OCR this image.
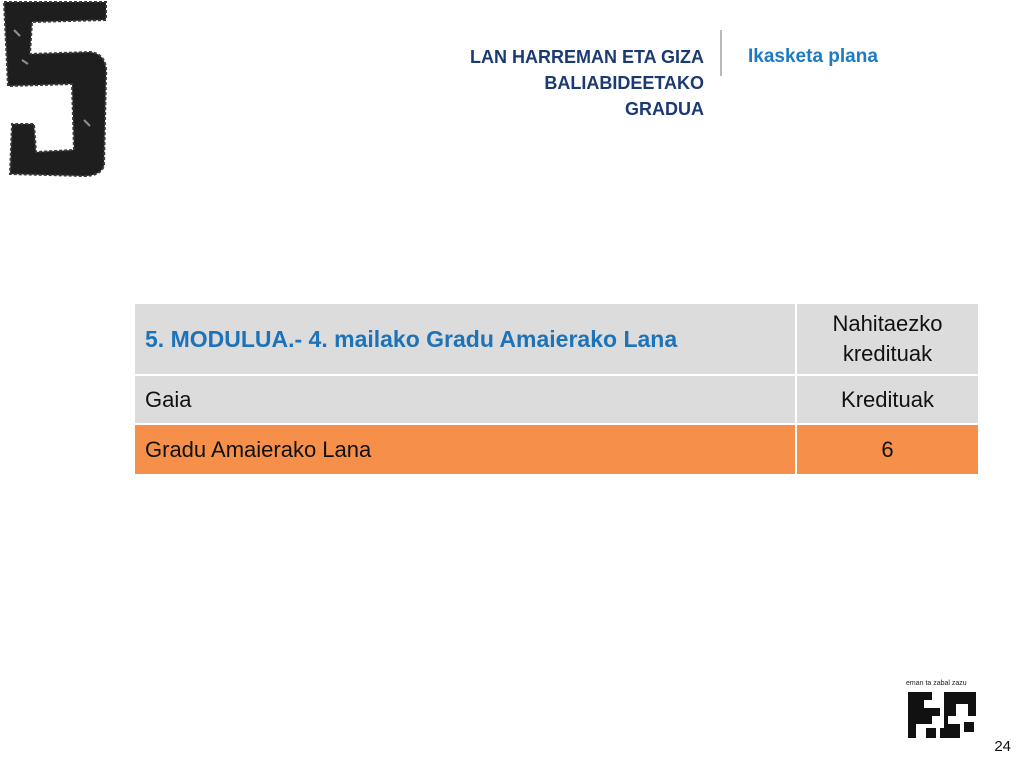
LAN HARREMAN ETA GIZA
BALIABIDEETAKO
GRADUA
Ikasketa plana
5. MODULUA.- 4. mailako Gradu Amaierako Lana	Nahitaezko
kredituak

Gaia	Kredituak
Gradu Amaierako Lana	6
eman ta zabal zazu
24
